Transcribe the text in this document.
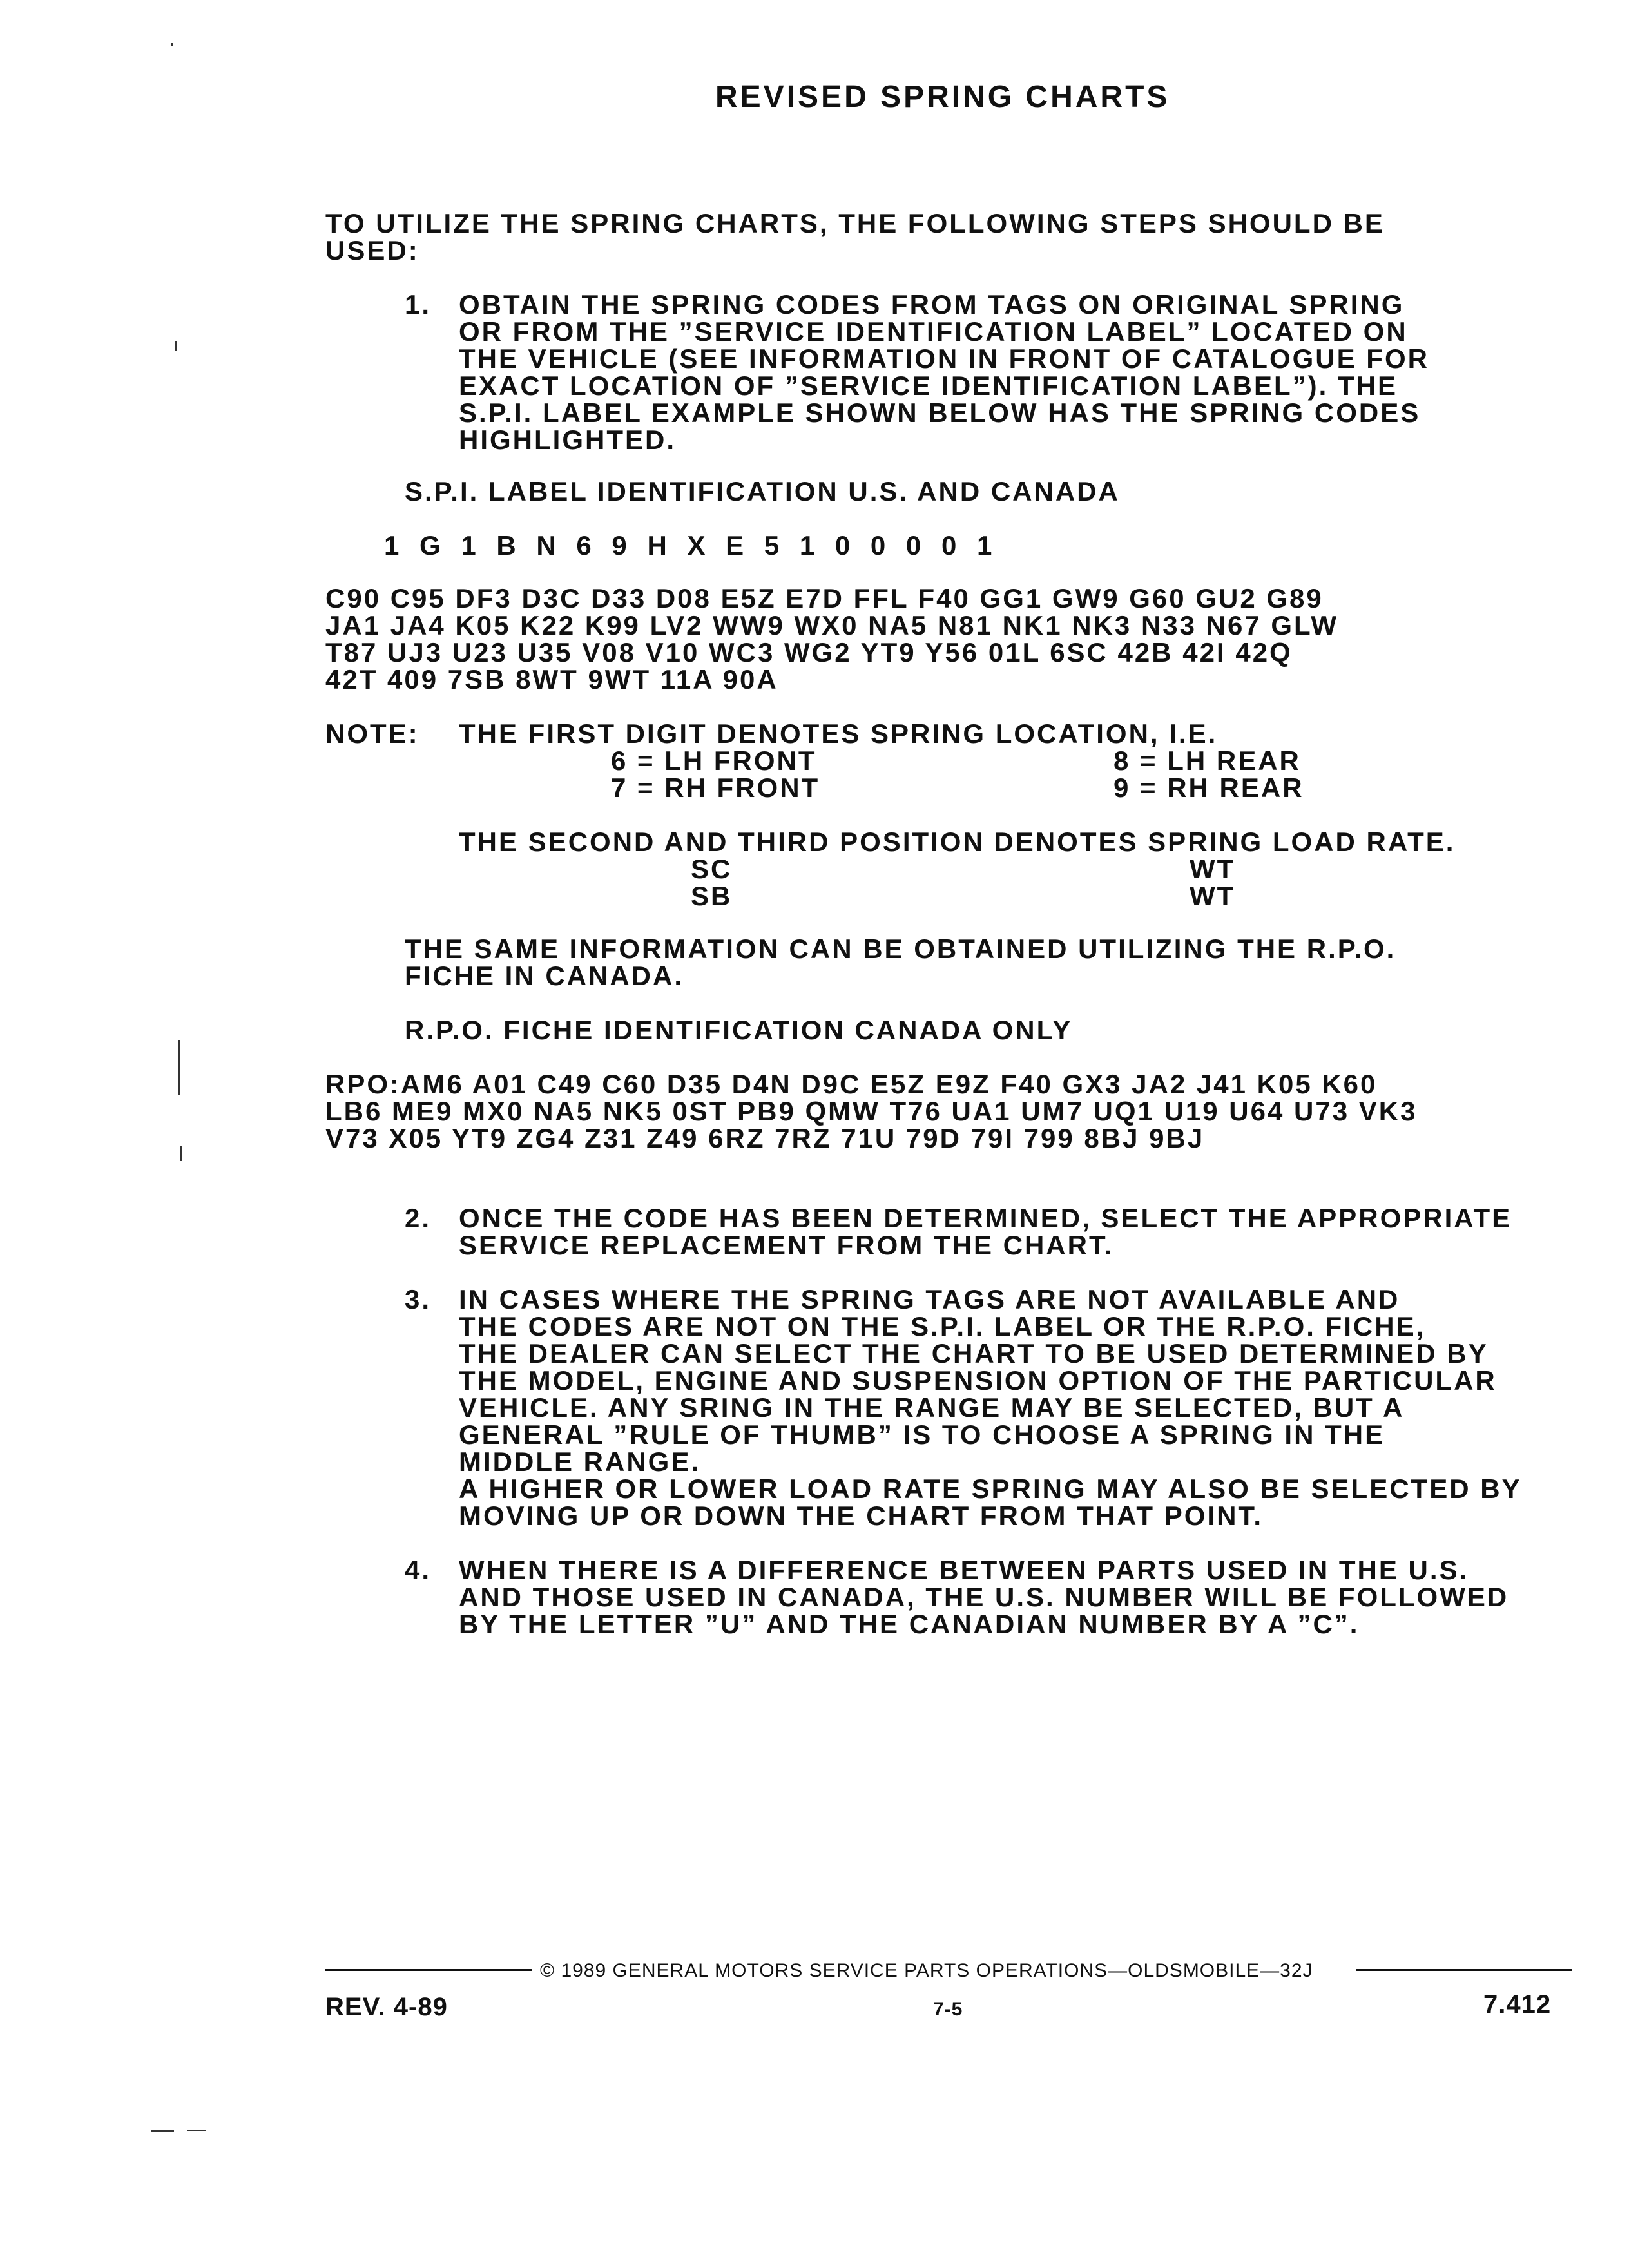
REVISED SPRING CHARTS
TO UTILIZE THE SPRING CHARTS, THE FOLLOWING STEPS SHOULD BE
USED:
1. OBTAIN THE SPRING CODES FROM TAGS ON ORIGINAL SPRING
OR FROM THE ”SERVICE IDENTIFICATION LABEL” LOCATED ON
THE VEHICLE (SEE INFORMATION IN FRONT OF CATALOGUE FOR
EXACT LOCATION OF ”SERVICE IDENTIFICATION LABEL”). THE
S.P.I. LABEL EXAMPLE SHOWN BELOW HAS THE SPRING CODES
HIGHLIGHTED.
S.P.I. LABEL IDENTIFICATION U.S. AND CANADA
1 G 1 B N 6 9 H X E 5 1 0 0 0 0 1
C90 C95 DF3 D3C D33 D08 E5Z E7D FFL F40 GG1 GW9 G60 GU2 G89
JA1 JA4 K05 K22 K99 LV2 WW9 WX0 NA5 N81 NK1 NK3 N33 N67 GLW
T87 UJ3 U23 U35 V08 V10 WC3 WG2 YT9 Y56 01L 6SC 42B 42I 42Q
42T 409 7SB 8WT 9WT 11A 90A
NOTE: THE FIRST DIGIT DENOTES SPRING LOCATION, I.E.
6 = LH FRONT
7 = RH FRONT
8 = LH REAR
9 = RH REAR
THE SECOND AND THIRD POSITION DENOTES SPRING LOAD RATE.
SC
SB
WT
WT
THE SAME INFORMATION CAN BE OBTAINED UTILIZING THE R.P.O.
FICHE IN CANADA.
R.P.O. FICHE IDENTIFICATION CANADA ONLY
RPO:AM6 A01 C49 C60 D35 D4N D9C E5Z E9Z F40 GX3 JA2 J41 K05 K60
LB6 ME9 MX0 NA5 NK5 0ST PB9 QMW T76 UA1 UM7 UQ1 U19 U64 U73 VK3
V73 X05 YT9 ZG4 Z31 Z49 6RZ 7RZ 71U 79D 79I 799 8BJ 9BJ
2. ONCE THE CODE HAS BEEN DETERMINED, SELECT THE APPROPRIATE
SERVICE REPLACEMENT FROM THE CHART.
3. IN CASES WHERE THE SPRING TAGS ARE NOT AVAILABLE AND
THE CODES ARE NOT ON THE S.P.I. LABEL OR THE R.P.O. FICHE,
THE DEALER CAN SELECT THE CHART TO BE USED DETERMINED BY
THE MODEL, ENGINE AND SUSPENSION OPTION OF THE PARTICULAR
VEHICLE. ANY SRING IN THE RANGE MAY BE SELECTED, BUT A
GENERAL ”RULE OF THUMB” IS TO CHOOSE A SPRING IN THE
MIDDLE RANGE.
A HIGHER OR LOWER LOAD RATE SPRING MAY ALSO BE SELECTED BY
MOVING UP OR DOWN THE CHART FROM THAT POINT.
4. WHEN THERE IS A DIFFERENCE BETWEEN PARTS USED IN THE U.S.
AND THOSE USED IN CANADA, THE U.S. NUMBER WILL BE FOLLOWED
BY THE LETTER ”U” AND THE CANADIAN NUMBER BY A ”C”.
© 1989 GENERAL MOTORS SERVICE PARTS OPERATIONS—OLDSMOBILE—32J
REV. 4-89	7-5	7.412
